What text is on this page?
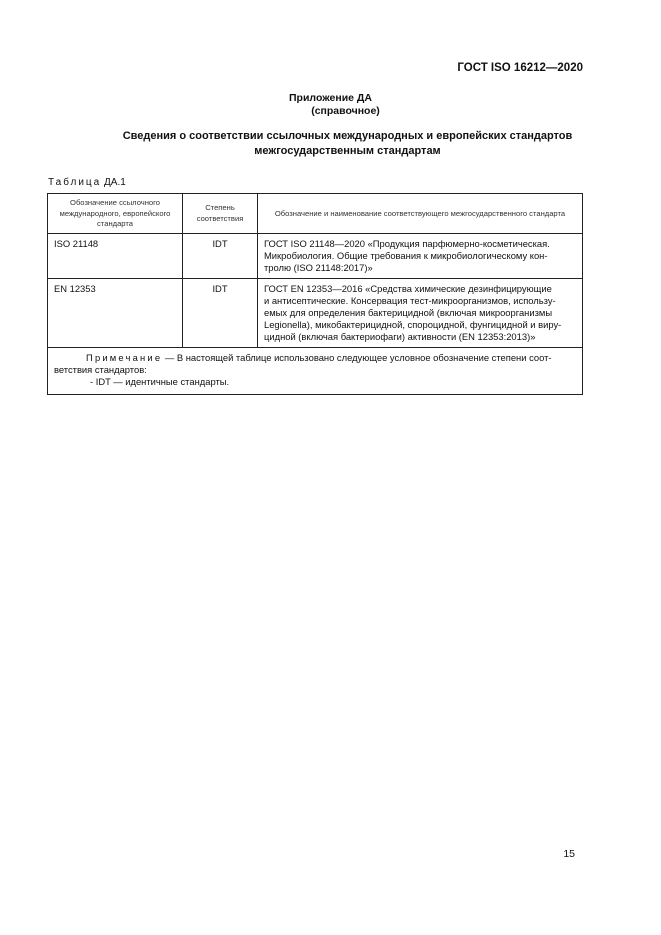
ГОСТ ISO 16212—2020
Приложение ДА
(справочное)
Сведения о соответствии ссылочных международных и европейских стандартов
межгосударственным стандартам
Таблица ДА.1
Обозначение ссылочного международного, европейского стандарта	Степень соответствия	Обозначение и наименование соответствующего межгосударственного стандарта
ISO 21148	IDT	ГОСТ ISO 21148—2020 «Продукция парфюмерно-косметическая.
Микробиология. Общие требования к микробиологическому кон-
тролю (ISO 21148:2017)»

EN 12353	IDT	ГОСТ EN 12353—2016 «Средства химические дезинфицирующие
и антисептические. Консервация тест-микроорганизмов, использу-
емых для определения бактерицидной (включая микроорганизмы
Legionella), микобактерицидной, спороцидной, фунгицидной и виру-
цидной (включая бактериофаги) активности (EN 12353:2013)»

Примечание — В настоящей таблице использовано следующее условное обозначение степени соот-
ветствия стандартов:
- IDT — идентичные стандарты.		
15
